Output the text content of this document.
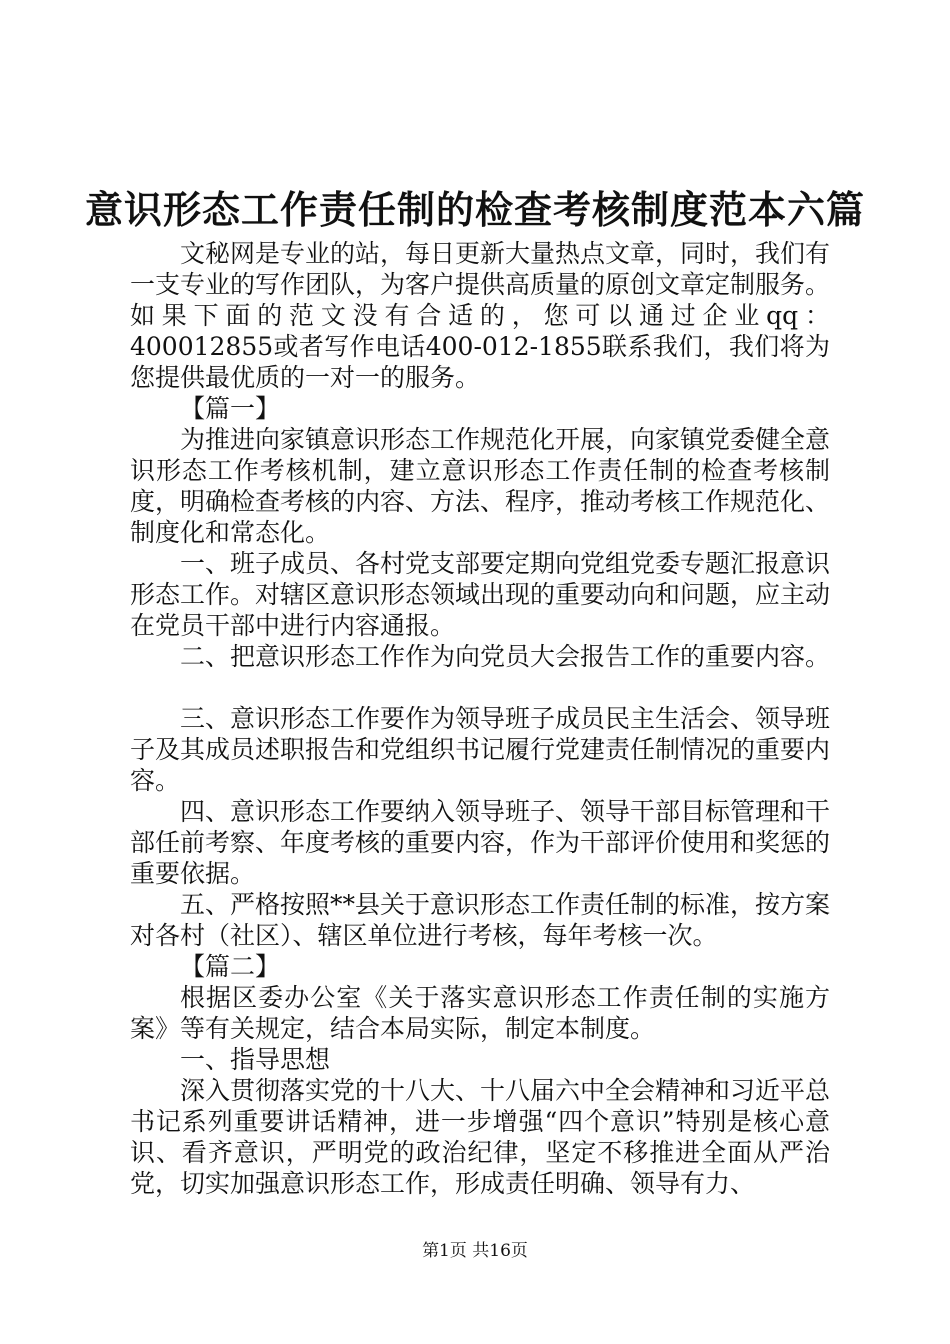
意识形态工作责任制的检查考核制度范本六篇

文秘网是专业的站，每日更新大量热点文章，同时，我们有一支专业的写作团队，为客户提供高质量的原创文章定制服务。如果下面的范文没有合适的，您可以通过企业qq：400012855或者写作电话400-012-1855联系我们，我们将为您提供最优质的一对一的服务。

【篇一】

为推进向家镇意识形态工作规范化开展，向家镇党委健全意识形态工作考核机制，建立意识形态工作责任制的检查考核制度，明确检查考核的内容、方法、程序，推动考核工作规范化、制度化和常态化。

一、班子成员、各村党支部要定期向党组党委专题汇报意识形态工作。对辖区意识形态领域出现的重要动向和问题，应主动在党员干部中进行内容通报。

二、把意识形态工作作为向党员大会报告工作的重要内容。

三、意识形态工作要作为领导班子成员民主生活会、领导班子及其成员述职报告和党组织书记履行党建责任制情况的重要内容。

四、意识形态工作要纳入领导班子、领导干部目标管理和干部任前考察、年度考核的重要内容，作为干部评价使用和奖惩的重要依据。

五、严格按照**县关于意识形态工作责任制的标准，按方案对各村（社区）、辖区单位进行考核，每年考核一次。

【篇二】

根据区委办公室《关于落实意识形态工作责任制的实施方案》等有关规定，结合本局实际，制定本制度。

一、指导思想

深入贯彻落实党的十八大、十八届六中全会精神和习近平总书记系列重要讲话精神，进一步增强“四个意识”特别是核心意识、看齐意识，严明党的政治纪律，坚定不移推进全面从严治党，切实加强意识形态工作，形成责任明确、领导有力、

第1页 共16页
